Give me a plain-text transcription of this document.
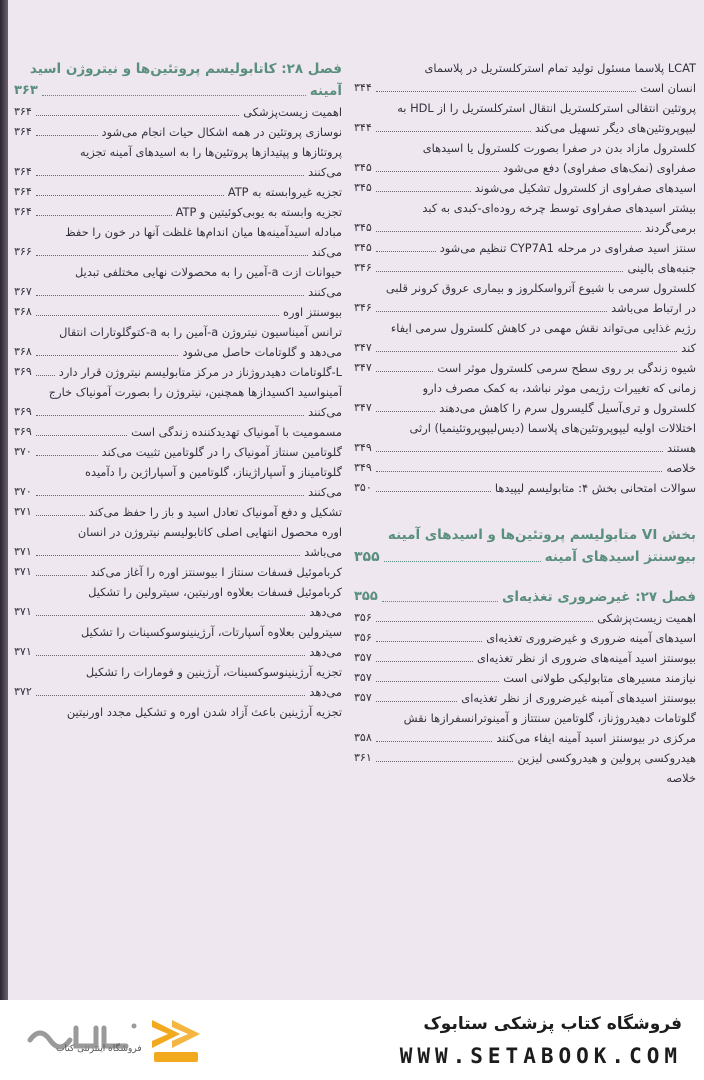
LCAT پلاسما مسئول تولید تمام استرکلستریل در پلاسمای
انسان است
۳۴۴
پروتئین انتقالی استرکلستریل انتقال استرکلستریل را از HDL به
لیپوپروتئین‌های دیگر تسهیل می‌کند
۳۴۴
کلسترول مازاد بدن در صفرا بصورت کلسترول یا اسیدهای
صفراوی (نمک‌های صفراوی) دفع می‌شود
۳۴۵
اسیدهای صفراوی از کلسترول تشکیل می‌شوند
۳۴۵
بیشتر اسیدهای صفراوی توسط چرخه روده‌ای-کبدی به کبد
برمی‌گردند
۳۴۵
سنتز اسید صفراوی در مرحله CYP7A1 تنظیم می‌شود
۳۴۵
جنبه‌های بالینی
۳۴۶
کلسترول سرمی با شیوع آترواسکلروز و بیماری عروق کرونر قلبی
در ارتباط می‌باشد
۳۴۶
رژیم غذایی می‌تواند نقش مهمی در کاهش کلسترول سرمی ایفاء
کند
۳۴۷
شیوه زندگی بر روی سطح سرمی کلسترول موثر است
۳۴۷
زمانی که تغییرات رژیمی موثر نباشد، به کمک مصرف دارو
کلسترول و تری‌آسیل گلیسرول سرم را کاهش می‌دهند
۳۴۷
اختلالات اولیه لیپوپروتئین‌های پلاسما (دیس‌لیپوپروتئینمیا) ارثی
هستند
۳۴۹
خلاصه
۳۴۹
سوالات امتحانی بخش ۴: متابولیسم لیپیدها
۳۵۰
بخش VI متابولیسم پروتئین‌ها و اسیدهای آمینه
بیوسنتز اسیدهای آمینه
۳۵۵
فصل ۲۷: غیرضروری تغذیه‌ای
۳۵۵
اهمیت زیست‌پزشکی
۳۵۶
اسیدهای آمینه ضروری و غیرضروری تغذیه‌ای
۳۵۶
بیوسنتز اسید آمینه‌های ضروری از نظر تغذیه‌ای
۳۵۷
نیازمند مسیرهای متابولیکی طولانی است
۳۵۷
بیوسنتز اسیدهای آمینه غیرضروری از نظر تغذیه‌ای
۳۵۷
گلوتامات دهیدروژناز، گلوتامین سنتتاز و آمینوترانسفرازها نقش
مرکزی در بیوسنتز اسید آمینه ایفاء می‌کنند
۳۵۸
هیدروکسی پرولین و هیدروکسی لیزین
۳۶۱
خلاصه
فصل ۲۸: کاتابولیسم پروتئین‌ها و نیتروژن اسید
آمینه
۳۶۳
اهمیت زیست‌پزشکی
۳۶۴
نوسازی پروتئین در همه اشکال حیات انجام می‌شود
۳۶۴
پروتئازها و پپتیدازها پروتئین‌ها را به اسیدهای آمینه تجزیه
می‌کنند
۳۶۴
تجزیه غیروابسته به ATP
۳۶۴
تجزیه وابسته به یوبی‌کوئیتین و ATP
۳۶۴
مبادله اسیدآمینه‌ها میان اندام‌ها غلظت آنها در خون را حفظ
می‌کند
۳۶۶
حیوانات ازت a-آمین را به محصولات نهایی مختلفی تبدیل
می‌کنند
۳۶۷
بیوسنتز اوره
۳۶۸
ترانس آمیناسیون نیتروژن a-آمین را به a-کتوگلوتارات انتقال
می‌دهد و گلوتامات حاصل می‌شود
۳۶۸
L-گلوتامات دهیدروژناز در مرکز متابولیسم نیتروژن قرار دارد
۳۶۹
آمینواسید اکسیدازها همچنین، نیتروژن را بصورت آمونیاک خارج
می‌کنند
۳۶۹
مسمومیت با آمونیاک تهدیدکننده زندگی است
۳۶۹
گلوتامین سنتاز آمونیاک را در گلوتامین تثبیت می‌کند
۳۷۰
گلوتامیناز و آسپاراژیناز، گلوتامین و آسپاراژین را دآمیده
می‌کنند
۳۷۰
تشکیل و دفع آمونیاک تعادل اسید و باز را حفظ می‌کند
۳۷۱
اوره محصول انتهایی اصلی کاتابولیسم نیتروژن در انسان
می‌باشد
۳۷۱
کرباموئیل فسفات سنتاز I بیوسنتز اوره را آغاز می‌کند
۳۷۱
کرباموئیل فسفات بعلاوه اورنیتین، سیترولین را تشکیل
می‌دهد
۳۷۱
سیترولین بعلاوه آسپارتات، آرژینینوسوکسینات را تشکیل
می‌دهد
۳۷۱
تجزیه آرژینینوسوکسینات، آرژینین و فومارات را تشکیل
می‌دهد
۳۷۲
تجزیه آرژینین باعث آزاد شدن اوره و تشکیل مجدد اورنیتین
فروشگاه اینترنتی کتاب
فروشگاه کتاب پزشکی ستابوک
WWW.SETABOOK.COM
